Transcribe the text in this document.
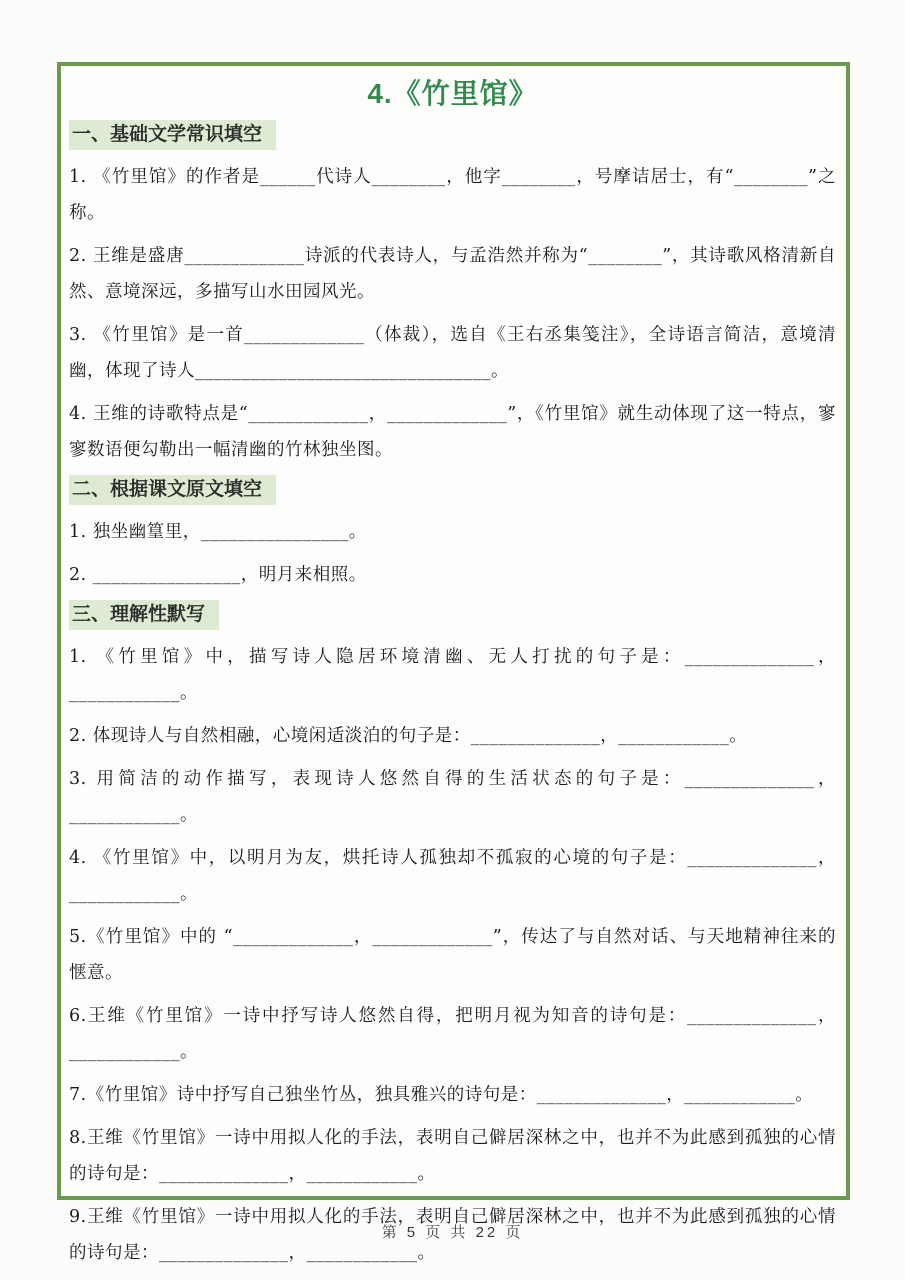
4.《竹里馆》
一、基础文学常识填空

1. 《竹里馆》的作者是______代诗人________，他字________，号摩诘居士，有“________”之称。

2. 王维是盛唐_____________诗派的代表诗人，与孟浩然并称为“________”，其诗歌风格清新自然、意境深远，多描写山水田园风光。

3. 《竹里馆》是一首_____________（体裁），选自《王右丞集笺注》，全诗语言简洁，意境清幽，体现了诗人________________________________。

4. 王维的诗歌特点是“_____________，_____________”，《竹里馆》就生动体现了这一特点，寥寥数语便勾勒出一幅清幽的竹林独坐图。

二、根据课文原文填空

1. 独坐幽篁里，________________。

2. ________________，明月来相照。

三、理解性默写

1. 《竹里馆》中，描写诗人隐居环境清幽、无人打扰的句子是：______________，____________。

2. 体现诗人与自然相融，心境闲适淡泊的句子是：______________，____________。

3. 用简洁的动作描写，表现诗人悠然自得的生活状态的句子是：______________，____________。

4. 《竹里馆》中，以明月为友，烘托诗人孤独却不孤寂的心境的句子是：______________，____________。

5.《竹里馆》中的 “_____________，_____________”，传达了与自然对话、与天地精神往来的惬意。

6.王维《竹里馆》一诗中抒写诗人悠然自得，把明月视为知音的诗句是：______________，____________。

7.《竹里馆》诗中抒写自己独坐竹丛，独具雅兴的诗句是：______________，____________。

8.王维《竹里馆》一诗中用拟人化的手法，表明自己僻居深林之中，也并不为此感到孤独的心情的诗句是：______________，____________。

9.王维《竹里馆》一诗中用拟人化的手法，表明自己僻居深林之中，也并不为此感到孤独的心情的诗句是：______________，____________。

第 5 页 共 22 页
